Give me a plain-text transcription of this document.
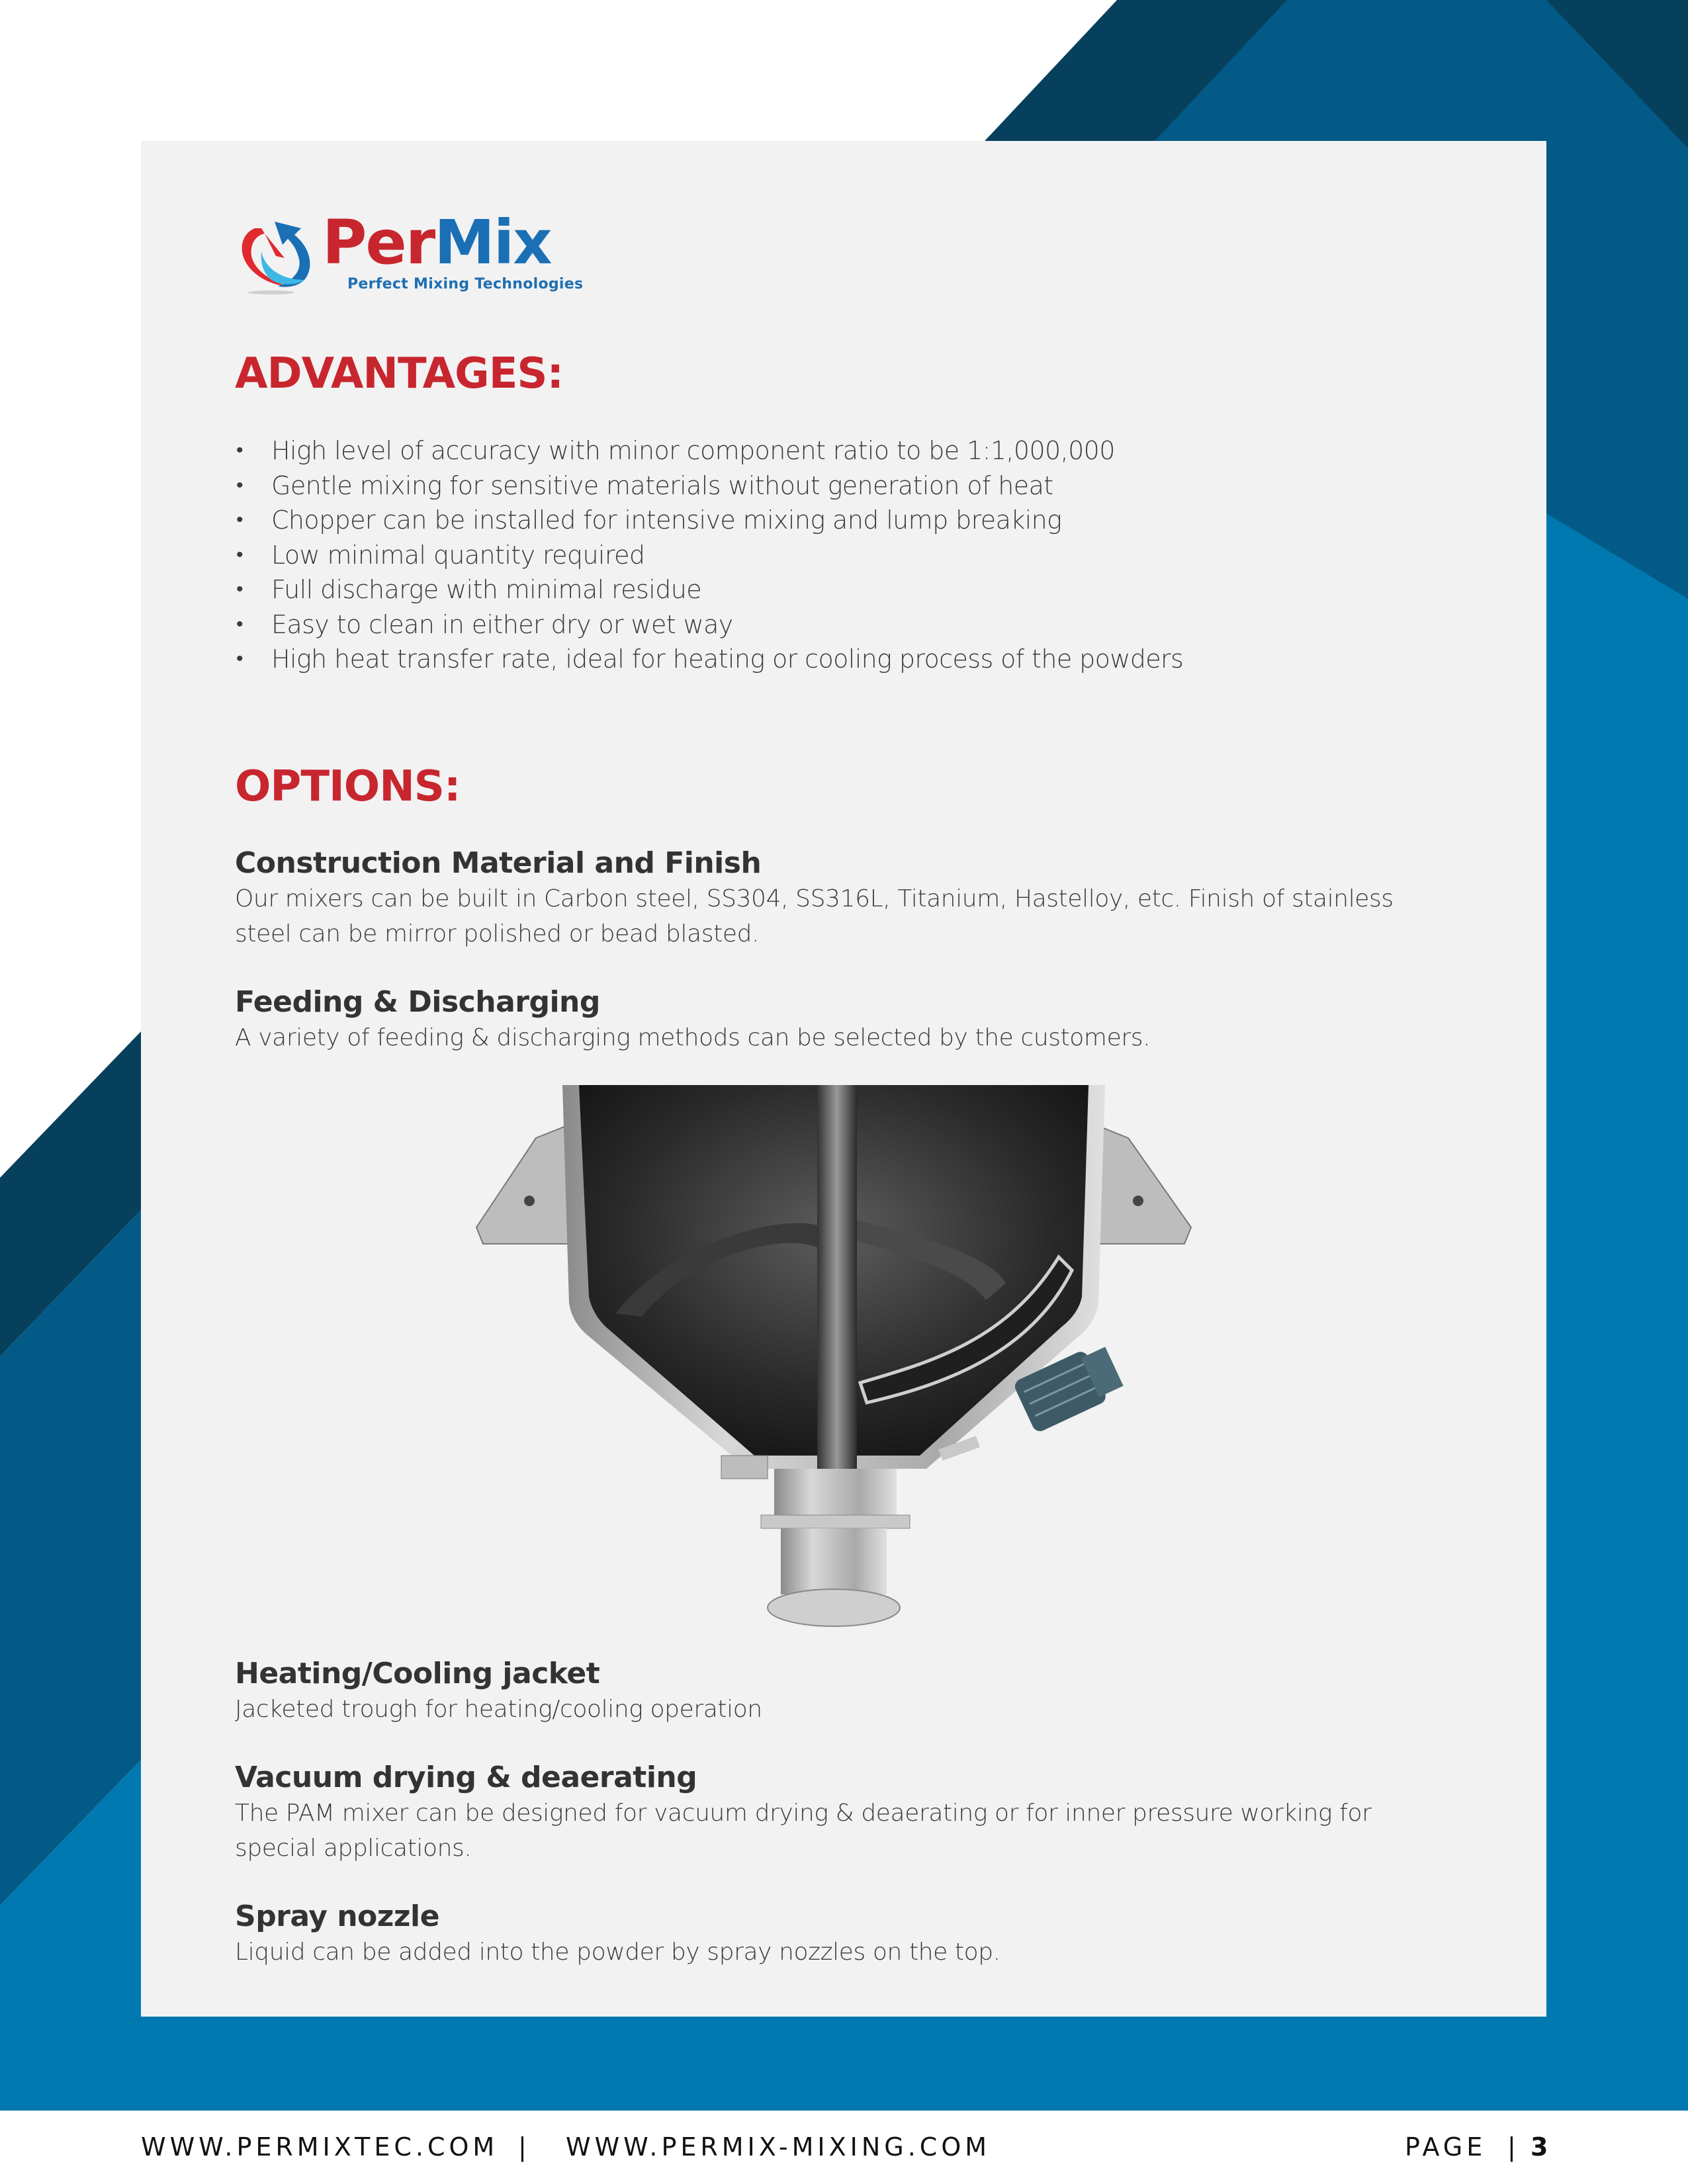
PerMix
Perfect Mixing Technologies
ADVANTAGES:
• High level of accuracy with minor component ratio to be 1:1,000,000
• Gentle mixing for sensitive materials without generation of heat
• Chopper can be installed for intensive mixing and lump breaking
• Low minimal quantity required
• Full discharge with minimal residue
• Easy to clean in either dry or wet way
• High heat transfer rate, ideal for heating or cooling process of the powders
OPTIONS:
Construction Material and Finish

Our mixers can be built in Carbon steel, SS304, SS316L, Titanium, Hastelloy, etc. Finish of stainless

steel can be mirror polished or bead blasted.

Feeding & Discharging

A variety of feeding & discharging methods can be selected by the customers.

Heating/Cooling jacket

Jacketed trough for heating/cooling operation

Vacuum drying & deaerating

The PAM mixer can be designed for vacuum drying & deaerating or for inner pressure working for

special applications.

Spray nozzle

Liquid can be added into the powder by spray nozzles on the top.

WWW.PERMIXTEC.COM | WWW.PERMIX-MIXING.COM	PAGE | 3
